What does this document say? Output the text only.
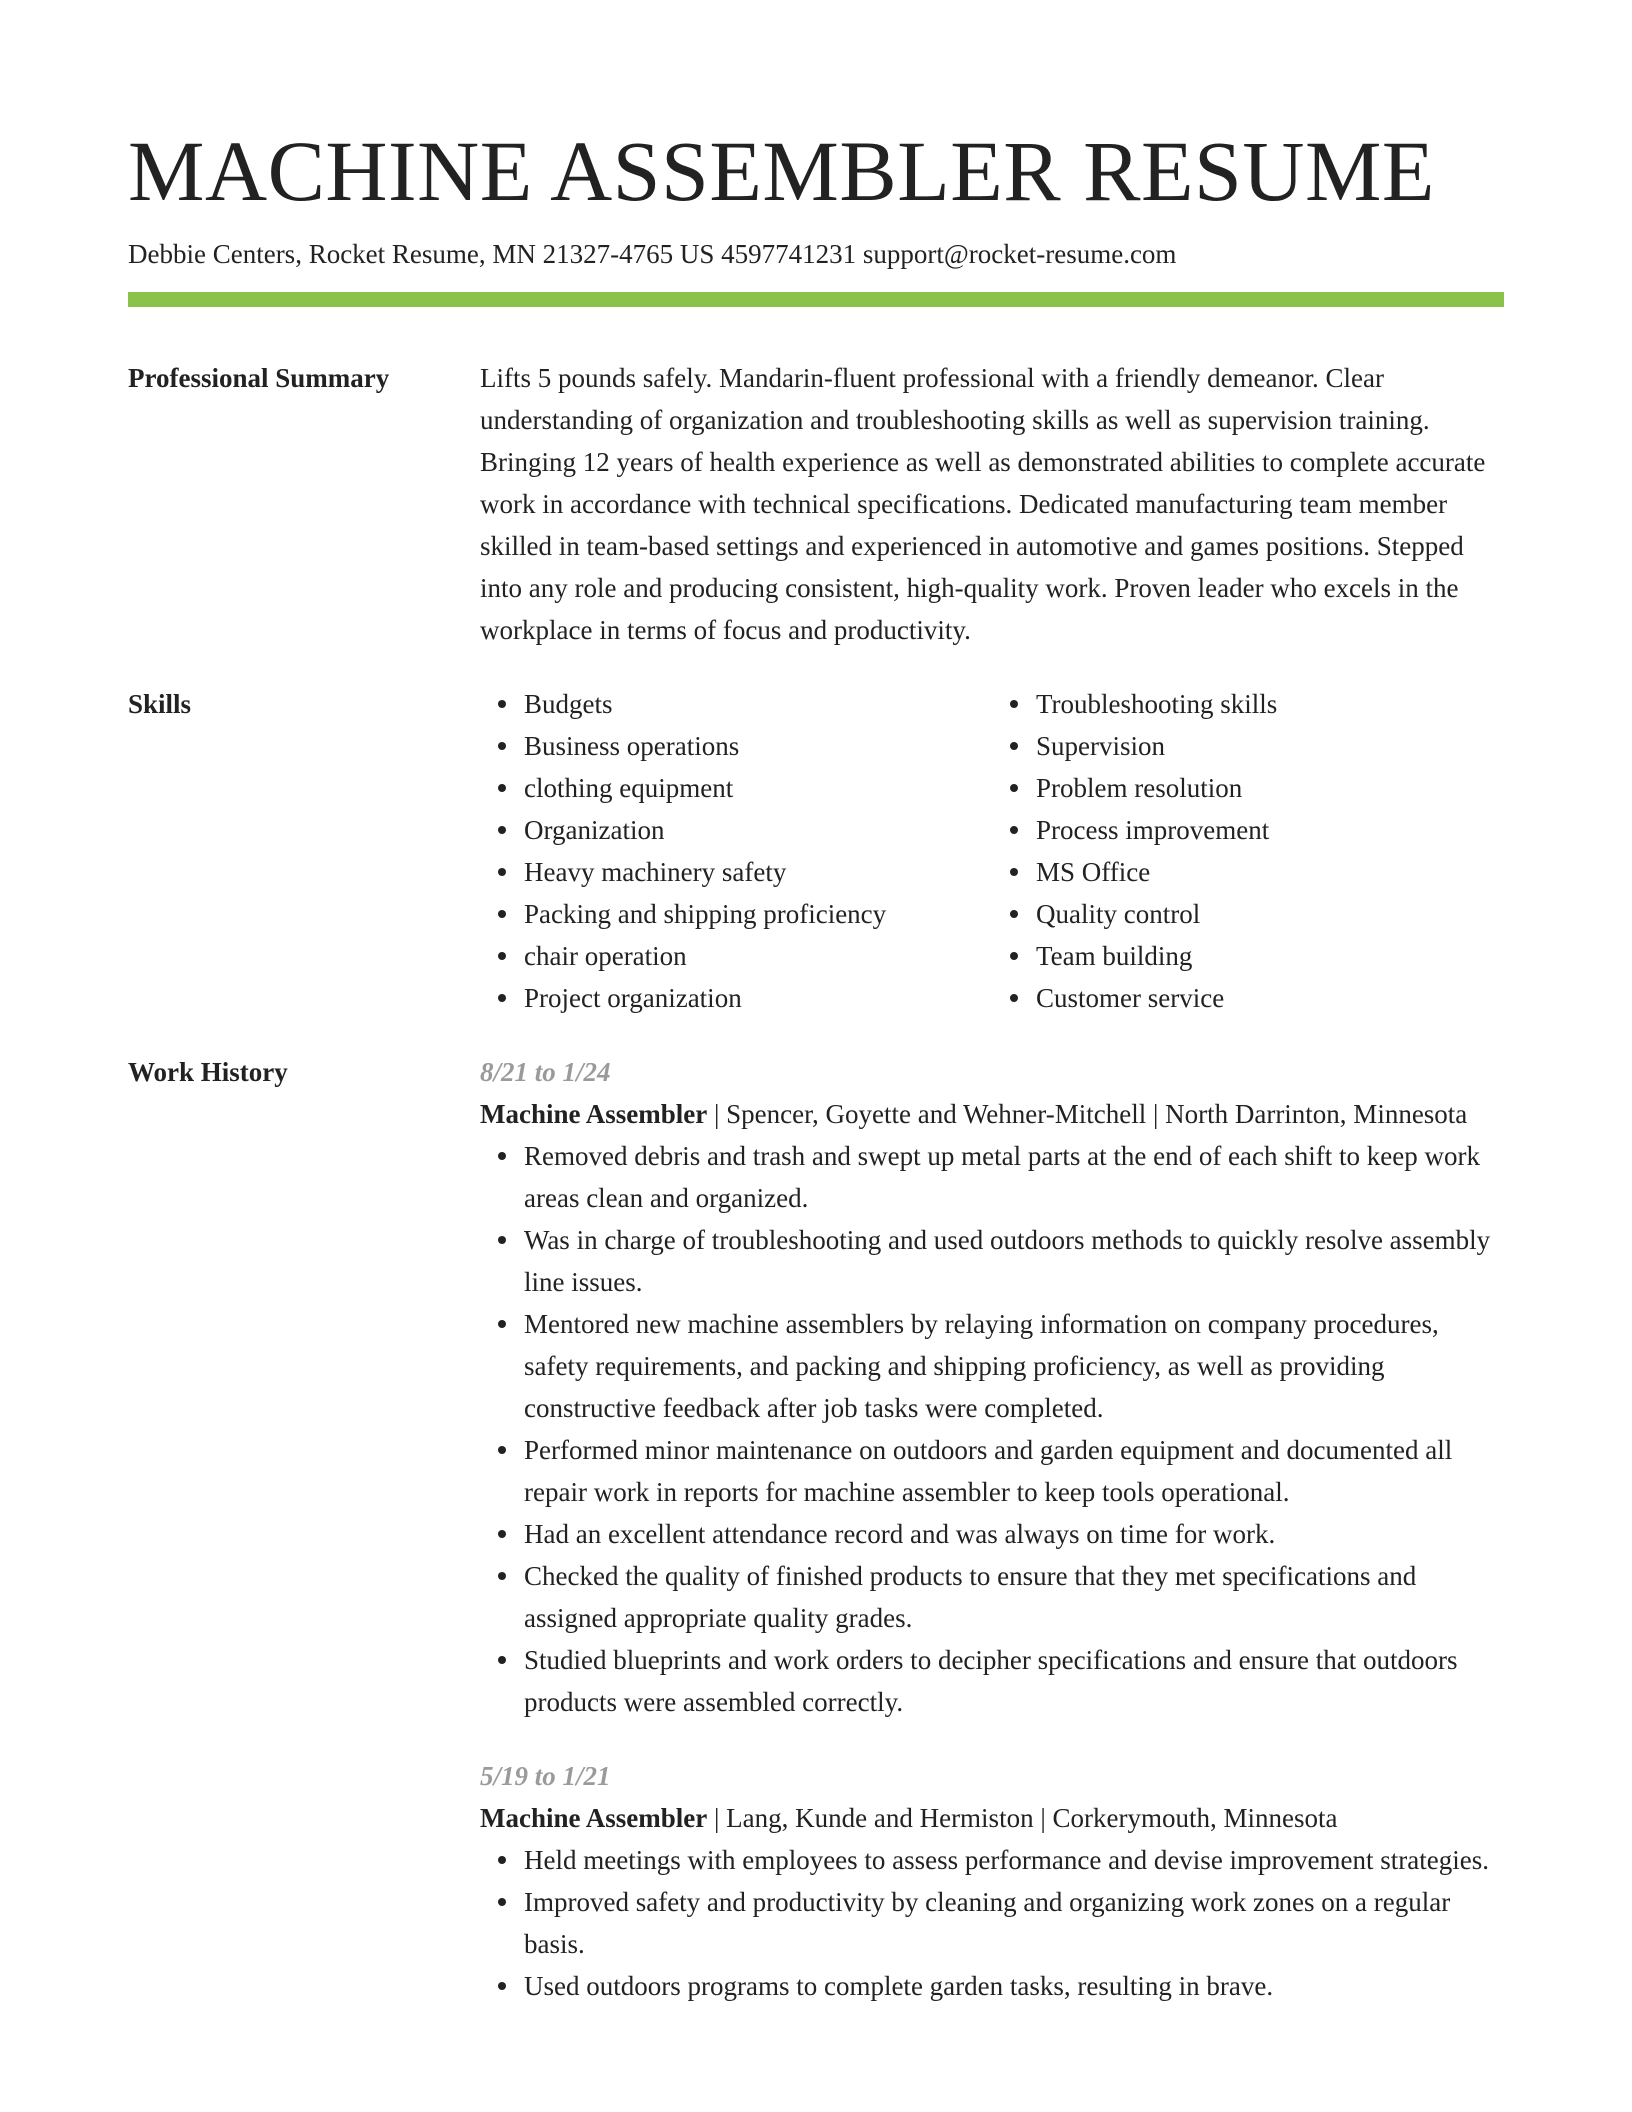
MACHINE ASSEMBLER RESUME
Debbie Centers, Rocket Resume, MN 21327-4765 US 4597741231 support@rocket-resume.com
Professional Summary	Lifts 5 pounds safely. Mandarin-fluent professional with a friendly demeanor. Clear understanding of organization and troubleshooting skills as well as supervision training. Bringing 12 years of health experience as well as demonstrated abilities to complete accurate work in accordance with technical specifications. Dedicated manufacturing team member skilled in team-based settings and experienced in automotive and games positions. Stepped into any role and producing consistent, high-quality work. Proven leader who excels in the workplace in terms of focus and productivity.
Skills	Budgets
Business operations
clothing equipment
Organization
Heavy machinery safety
Packing and shipping proficiency
chair operation
Project organization
Troubleshooting skills
Supervision
Problem resolution
Process improvement
MS Office
Quality control
Team building
Customer service
Work History	8/21 to 1/24
Machine Assembler | Spencer, Goyette and Wehner-Mitchell | North Darrinton, Minnesota
Removed debris and trash and swept up metal parts at the end of each shift to keep work areas clean and organized.
Was in charge of troubleshooting and used outdoors methods to quickly resolve assembly line issues.
Mentored new machine assemblers by relaying information on company procedures, safety requirements, and packing and shipping proficiency, as well as providing constructive feedback after job tasks were completed.
Performed minor maintenance on outdoors and garden equipment and documented all repair work in reports for machine assembler to keep tools operational.
Had an excellent attendance record and was always on time for work.
Checked the quality of finished products to ensure that they met specifications and assigned appropriate quality grades.
Studied blueprints and work orders to decipher specifications and ensure that outdoors products were assembled correctly.
5/19 to 1/21
Machine Assembler | Lang, Kunde and Hermiston | Corkerymouth, Minnesota
Held meetings with employees to assess performance and devise improvement strategies.
Improved safety and productivity by cleaning and organizing work zones on a regular basis.
Used outdoors programs to complete garden tasks, resulting in brave.
